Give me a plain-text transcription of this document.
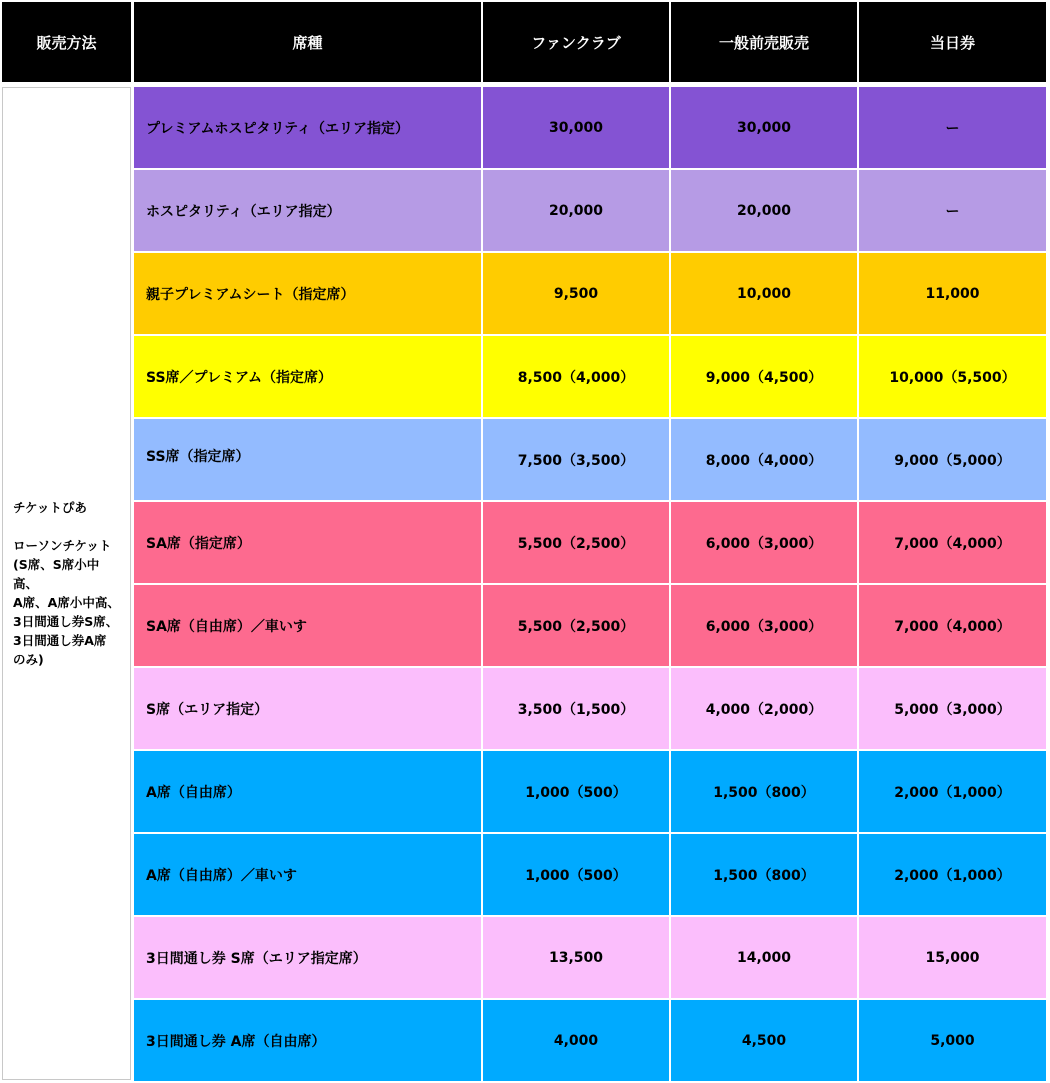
販売方法	席種	ファンクラブ	一般前売販売	当日券
チケットぴあ

ローソンチケット
(S席、S席小中高、
A席、A席小中高、
3日間通し券S席、
3日間通し券A席
のみ)
プレミアムホスピタリティ（エリア指定）	30,000	30,000	ー
ホスピタリティ（エリア指定）	20,000	20,000	ー
親子プレミアムシート（指定席）	9,500	10,000	11,000
SS席／プレミアム（指定席）	8,500（4,000）	9,000（4,500）	10,000（5,500）
SS席（指定席）	7,500（3,500）	8,000（4,000）	9,000（5,000）
SA席（指定席）	5,500（2,500）	6,000（3,000）	7,000（4,000）
SA席（自由席）／車いす	5,500（2,500）	6,000（3,000）	7,000（4,000）
S席（エリア指定）	3,500（1,500）	4,000（2,000）	5,000（3,000）
A席（自由席）	1,000（500）	1,500（800）	2,000（1,000）
A席（自由席）／車いす	1,000（500）	1,500（800）	2,000（1,000）
3日間通し券 S席（エリア指定席）	13,500	14,000	15,000
3日間通し券 A席（自由席）	4,000	4,500	5,000
